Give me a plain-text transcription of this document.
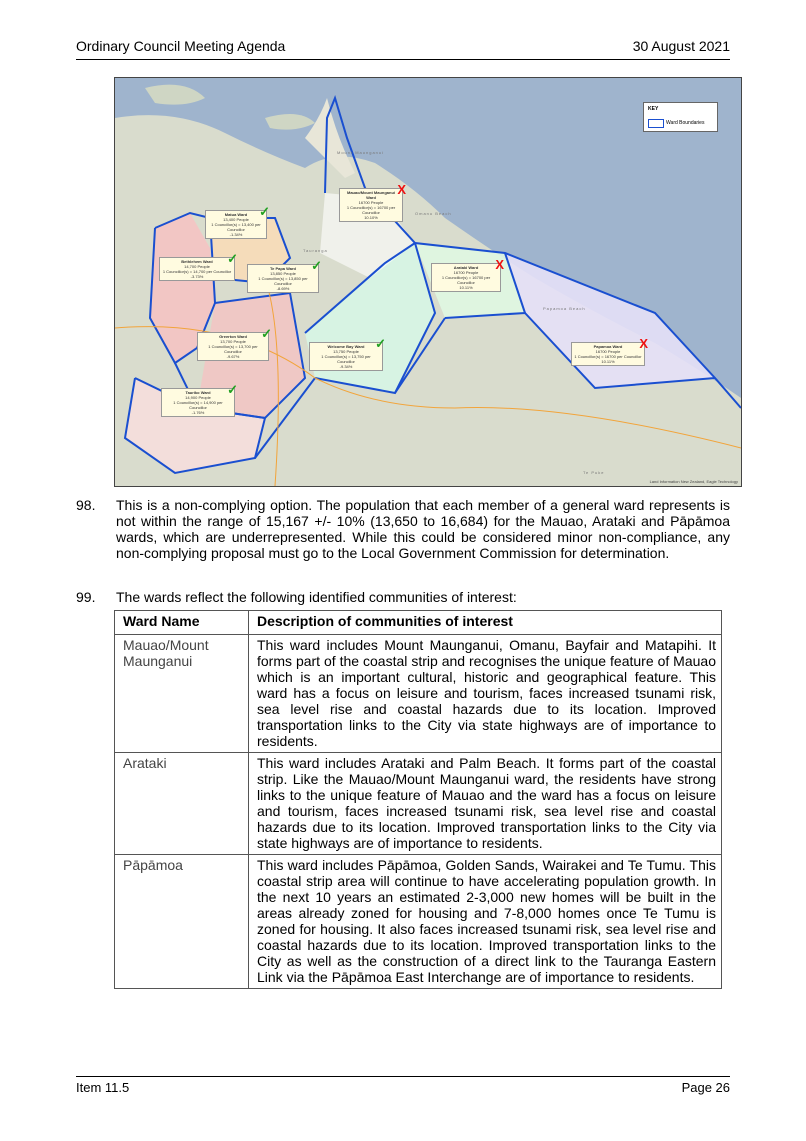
Ordinary Council Meeting Agenda	30 August 2021
KEY
Ward Boundaries
Mount Maunganui
Omanu Beach
Tauranga
Papamoa Beach
Te Puke
Mauao/Mount Maunganui Ward
16700 People
1 Councillor(s) = 16700 per Councillor
10.10%
X
Matua Ward
13,400 People
1 Councillor(s) = 13,400 per Councillor
-1.34%
✓
Bethlehem Ward
14,700 People
1 Councillor(s) = 14,700 per Councillor
-3.73%
✓
Te Papa Ward
13,850 People
1 Councillor(s) = 13,850 per Councillor
-8.69%
✓	Arataki Ward
16700 People
1 Councillor(s) = 16700 per Councillor
10.11%
X
Greerton Ward
13,700 People
1 Councillor(s) = 13,700 per Councillor
-9.67%
✓
Welcome Bay Ward
13,750 People
1 Councillor(s) = 13,750 per Councillor
-9.34%
✓	Papamoa Ward
16700 People
1 Councillor(s) = 16700 per Councillor
10.11%
X
Tauriko Ward
14,900 People
1 Councillor(s) = 14,900 per Councillor
-1.76%
✓
Land Information New Zealand, Eagle Technology
98. This is a non-complying option. The population that each member of a general ward represents is not within the range of 15,167 +/- 10% (13,650 to 16,684) for the Mauao, Arataki and Pāpāmoa wards, which are underrepresented. While this could be considered minor non-compliance, any non-complying proposal must go to the Local Government Commission for determination.
99. The wards reflect the following identified communities of interest:
Ward Name	Description of communities of interest
Mauao/Mount Maunganui	This ward includes Mount Maunganui, Omanu, Bayfair and Matapihi. It forms part of the coastal strip and recognises the unique feature of Mauao which is an important cultural, historic and geographical feature. This ward has a focus on leisure and tourism, faces increased tsunami risk, sea level rise and coastal hazards due to its location. Improved transportation links to the City via state highways are of importance to residents.
Arataki	This ward includes Arataki and Palm Beach. It forms part of the coastal strip. Like the Mauao/Mount Maunganui ward, the residents have strong links to the unique feature of Mauao and the ward has a focus on leisure and tourism, faces increased tsunami risk, sea level rise and coastal hazards due to its location. Improved transportation links to the City via state highways are of importance to residents.
Pāpāmoa	This ward includes Pāpāmoa, Golden Sands, Wairakei and Te Tumu. This coastal strip area will continue to have accelerating population growth. In the next 10 years an estimated 2-3,000 new homes will be built in the areas already zoned for housing and 7-8,000 homes once Te Tumu is zoned for housing. It also faces increased tsunami risk, sea level rise and coastal hazards due to its location. Improved transportation links to the City as well as the construction of a direct link to the Tauranga Eastern Link via the Pāpāmoa East Interchange are of importance to residents.
Item 11.5	Page 26
